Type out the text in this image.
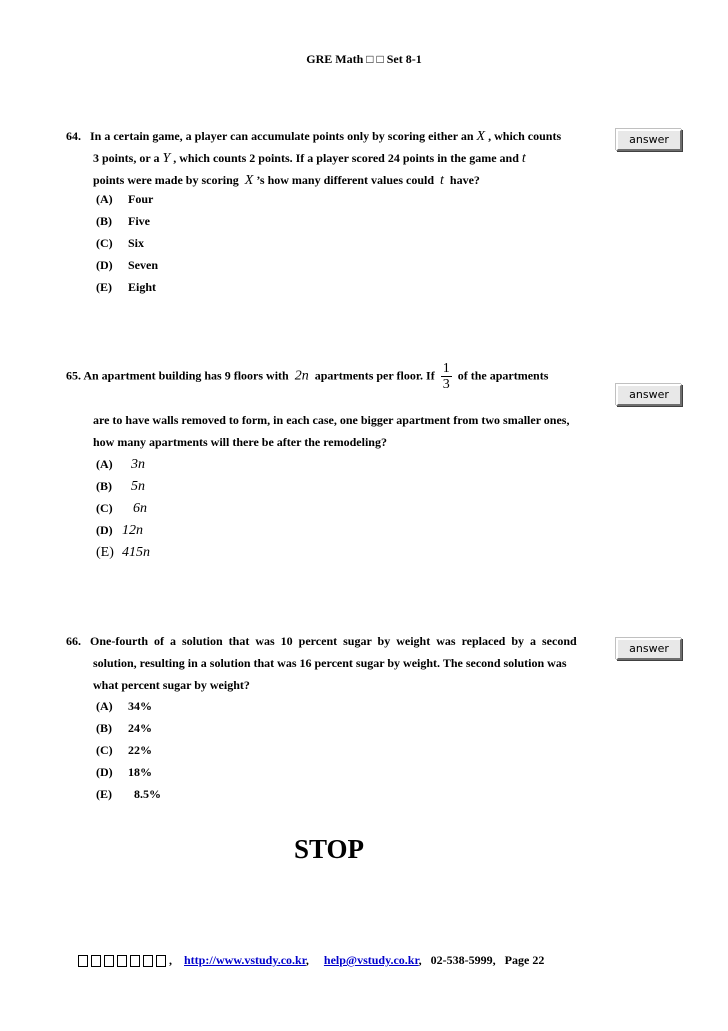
GRE Math □ □ Set 8-1
64. In a certain game, a player can accumulate points only by scoring either an X , which counts	answer
3 points, or a Y , which counts 2 points. If a player scored 24 points in the game and t
points were made by scoring X ’s how many different values could t have?
(A) Four
(B) Five
(C) Six
(D) Seven
(E) Eight
65. An apartment building has 9 floors with 2n apartments per floor. If $\frac{1}{3}$ of the apartments
answer
are to have walls removed to form, in each case, one bigger apartment from two smaller ones,
how many apartments will there be after the remodeling?
(A) 3n
(B) 5n
(C) 6n
(D) 12n
(E) 415n
66. One-fourth  of  a  solution  that  was  10  percent  sugar  by  weight  was  replaced  by  a  second
answer
solution, resulting in a solution that was 16 percent sugar by weight. The second solution was
what percent sugar by weight?
(A) 34%
(B) 24%
(C) 22%
(D) 18%
(E) 8.5%
STOP
, http://www.vstudy.co.kr, help@vstudy.co.kr,   02-538-5999,   Page 22
